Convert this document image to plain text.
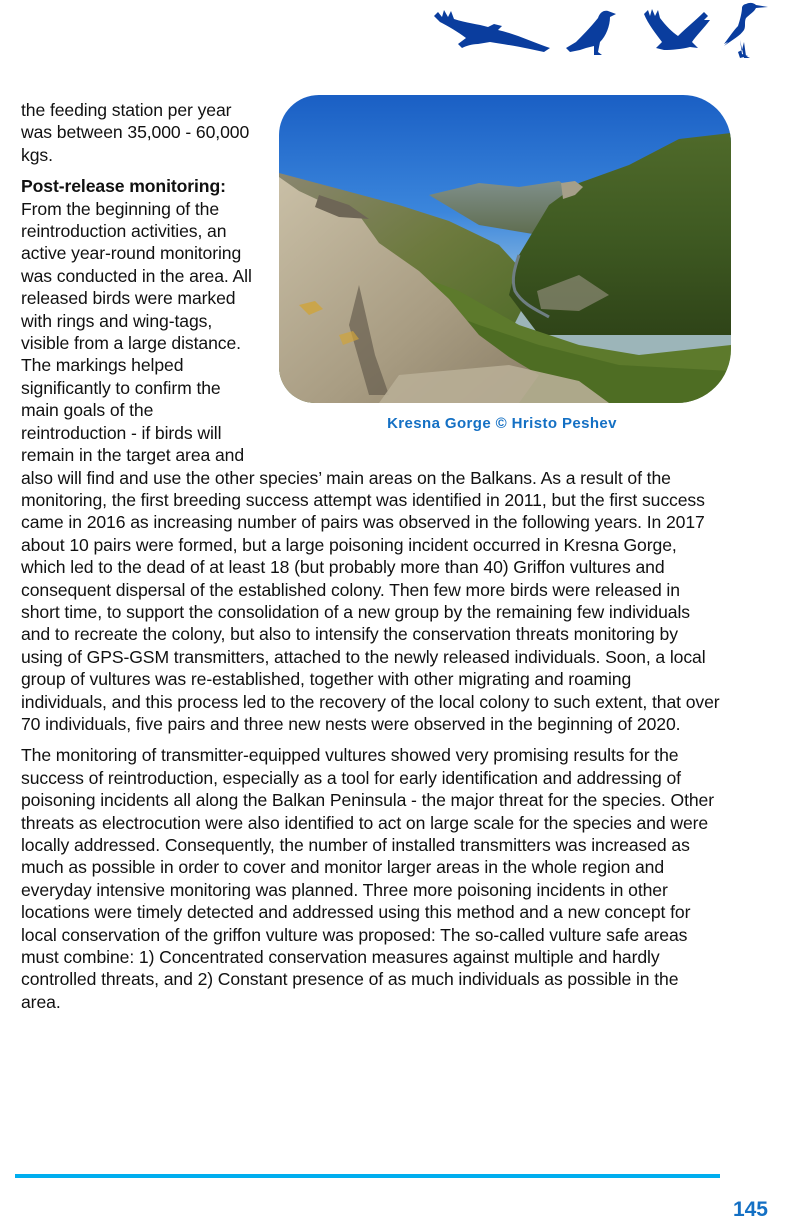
Kresna Gorge © Hristo Peshev

the feeding station per year was between 35,000 - 60,000 kgs.

Post-release monitoring: From the beginning of the reintroduction activities, an active year-round monitoring was conducted in the area. All released birds were marked with rings and wing-tags, visible from a large distance. The markings helped significantly to confirm the main goals of the reintroduction - if birds will remain in the target area and also will find and use the other species’ main areas on the Balkans. As a result of the monitoring, the first breeding success attempt was identified in 2011, but the first success came in 2016 as increasing number of pairs was observed in the following years. In 2017 about 10 pairs were formed, but a large poisoning incident occurred in Kresna Gorge, which led to the dead of at least 18 (but probably more than 40) Griffon vultures and consequent dispersal of the established colony. Then few more birds were released in short time, to support the consolidation of a new group by the remaining few individuals and to recreate the colony, but also to intensify the conservation threats monitoring by using of GPS-GSM transmitters, attached to the newly released individuals. Soon, a local group of vultures was re-established, together with other migrating and roaming individuals, and this process led to the recovery of the local colony to such extent, that over 70 individuals, five pairs and three new nests were observed in the beginning of 2020.

The monitoring of transmitter-equipped vultures showed very promising results for the success of reintroduction, especially as a tool for early identification and addressing of poisoning incidents all along the Balkan Peninsula - the major threat for the species. Other threats as electrocution were also identified to act on large scale for the species and were locally addressed. Consequently, the number of installed transmitters was increased as much as possible in order to cover and monitor larger areas in the whole region and everyday intensive monitoring was planned. Three more poisoning incidents in other locations were timely detected and addressed using this method and a new concept for local conservation of the griffon vulture was proposed: The so-called vulture safe areas must combine: 1) Concentrated conservation measures against multiple and hardly controlled threats, and 2) Constant presence of as much individuals as possible in the area.

145
